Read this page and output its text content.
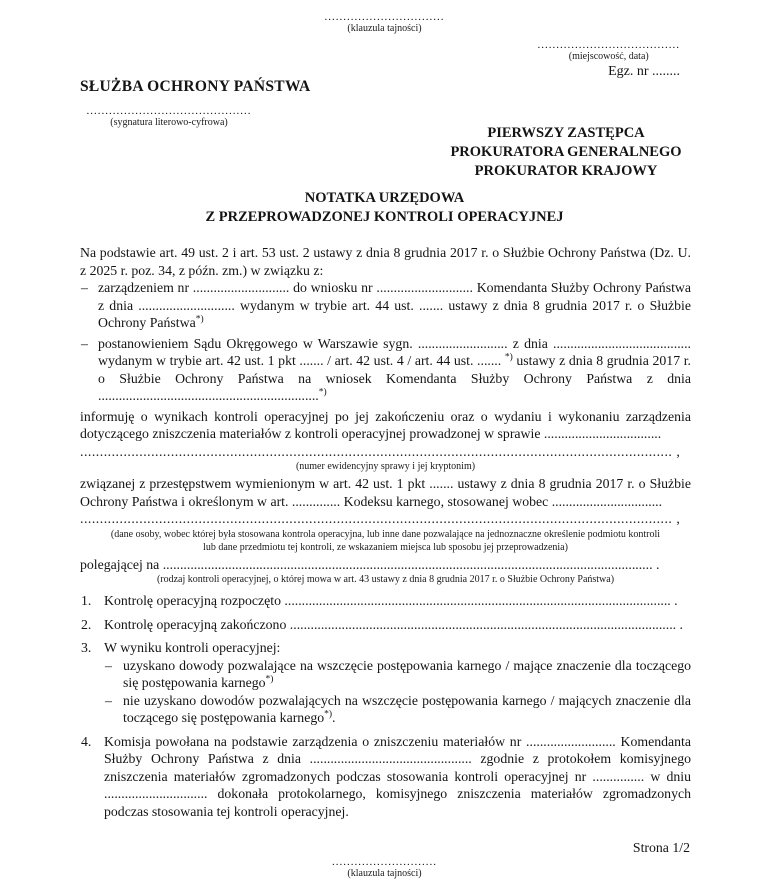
................................
(klauzula tajności)
......................................
(miejscowość, data)
Egz. nr ........
SŁUŻBA OCHRONY PAŃSTWA
............................................
(sygnatura literowo-cyfrowa)
PIERWSZY ZASTĘPCA
PROKURATORA GENERALNEGO
PROKURATOR KRAJOWY
NOTATKA URZĘDOWA
Z PRZEPROWADZONEJ KONTROLI OPERACYJNEJ

Na podstawie art. 49 ust. 2 i art. 53 ust. 2 ustawy z dnia 8 grudnia 2017 r. o Służbie Ochrony Państwa (Dz. U. z 2025 r. poz. 34, z późn. zm.) w związku z:

– zarządzeniem nr ............................ do wniosku nr ............................ Komendanta Służby Ochrony Państwa z dnia ............................ wydanym w trybie art. 44 ust. ....... ustawy z dnia 8 grudnia 2017 r. o Służbie Ochrony Państwa*)
– postanowieniem Sądu Okręgowego w Warszawie sygn. .......................... z dnia ........................................ wydanym w trybie art. 42 ust. 1 pkt ....... / art. 42 ust. 4 / art. 44 ust. ....... *) ustawy z dnia 8 grudnia 2017 r. o Służbie Ochrony Państwa na wniosek Komendanta Służby Ochrony Państwa z dnia ................................................................*)

informuję o wynikach kontroli operacyjnej po jej zakończeniu oraz o wydaniu i wykonaniu zarządzenia dotyczącego zniszczenia materiałów z kontroli operacyjnej prowadzonej w sprawie ..................................

...................................................................................................................................................... ,
(numer ewidencyjny sprawy i jej kryptonim)

związanej z przestępstwem wymienionym w art. 42 ust. 1 pkt ....... ustawy z dnia 8 grudnia 2017 r. o Służbie Ochrony Państwa i określonym w art. .............. Kodeksu karnego, stosowanej wobec ................................

...................................................................................................................................................... ,
(dane osoby, wobec której była stosowana kontrola operacyjna, lub inne dane pozwalające na jednoznaczne określenie podmiotu kontroli
lub dane przedmiotu tej kontroli, ze wskazaniem miejsca lub sposobu jej przeprowadzenia)

polegającej na .............................................................................................................................................. .

(rodzaj kontroli operacyjnej, o której mowa w art. 43 ustawy z dnia 8 grudnia 2017 r. o Służbie Ochrony Państwa)
1. Kontrolę operacyjną rozpoczęto ................................................................................................................ .
2. Kontrolę operacyjną zakończono ................................................................................................................ .
3. W wyniku kontroli operacyjnej:
– uzyskano dowody pozwalające na wszczęcie postępowania karnego / mające znaczenie dla toczącego się postępowania karnego*)
– nie uzyskano dowodów pozwalających na wszczęcie postępowania karnego / mających znaczenie dla toczącego się postępowania karnego*).
4. Komisja powołana na podstawie zarządzenia o zniszczeniu materiałów nr .......................... Komendanta Służby Ochrony Państwa z dnia ............................................... zgodnie z protokołem komisyjnego zniszczenia materiałów zgromadzonych podczas stosowania kontroli operacyjnej nr ............... w dniu .............................. dokonała protokolarnego, komisyjnego zniszczenia materiałów zgromadzonych podczas stosowania tej kontroli operacyjnej.
Strona 1/2
............................
(klauzula tajności)
